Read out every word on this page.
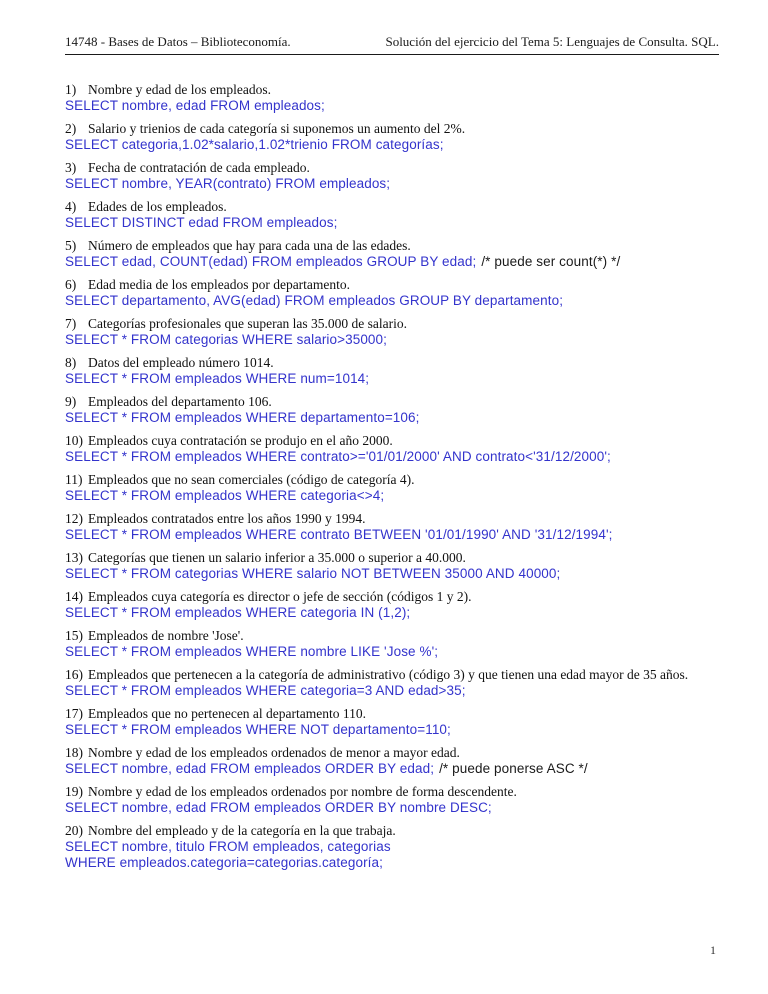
14748 - Bases de Datos – Biblioteconomía.	Solución del ejercicio del Tema 5: Lenguajes de Consulta. SQL.

1) Nombre y edad de los empleados.

SELECT nombre, edad FROM empleados;

2) Salario y trienios de cada categoría si suponemos un aumento del 2%.

SELECT categoria,1.02*salario,1.02*trienio FROM categorías;

3) Fecha de contratación de cada empleado.

SELECT nombre, YEAR(contrato) FROM empleados;

4) Edades de los empleados.

SELECT DISTINCT edad FROM empleados;

5) Número de empleados que hay para cada una de las edades.

SELECT edad, COUNT(edad) FROM empleados GROUP BY edad; /* puede ser count(*) */

6) Edad media de los empleados por departamento.

SELECT departamento, AVG(edad) FROM empleados GROUP BY departamento;

7) Categorías profesionales que superan las 35.000 de salario.

SELECT * FROM categorias WHERE salario>35000;

8) Datos del empleado número 1014.

SELECT * FROM empleados WHERE num=1014;

9) Empleados del departamento 106.

SELECT * FROM empleados WHERE departamento=106;

10) Empleados cuya contratación se produjo en el año 2000.

SELECT * FROM empleados WHERE contrato>='01/01/2000' AND contrato<'31/12/2000';

11) Empleados que no sean comerciales (código de categoría 4).

SELECT * FROM empleados WHERE categoria<>4;

12) Empleados contratados entre los años 1990 y 1994.

SELECT * FROM empleados WHERE contrato BETWEEN '01/01/1990' AND '31/12/1994';

13) Categorías que tienen un salario inferior a 35.000 o superior a 40.000.

SELECT * FROM categorias WHERE salario NOT BETWEEN 35000 AND 40000;

14) Empleados cuya categoría es director o jefe de sección (códigos 1 y 2).

SELECT * FROM empleados WHERE categoria IN (1,2);

15) Empleados de nombre 'Jose'.

SELECT * FROM empleados WHERE nombre LIKE 'Jose %';

16) Empleados que pertenecen a la categoría de administrativo (código 3) y que tienen una edad mayor de 35 años.

SELECT * FROM empleados WHERE categoria=3 AND edad>35;

17) Empleados que no pertenecen al departamento 110.

SELECT * FROM empleados WHERE NOT departamento=110;

18) Nombre y edad de los empleados ordenados de menor a mayor edad.

SELECT nombre, edad FROM empleados ORDER BY edad; /* puede ponerse ASC */

19) Nombre y edad de los empleados ordenados por nombre de forma descendente.

SELECT nombre, edad FROM empleados ORDER BY nombre DESC;

20) Nombre del empleado y de la categoría en la que trabaja.

SELECT nombre, titulo FROM empleados, categorias

WHERE empleados.categoria=categorias.categoría;

1
